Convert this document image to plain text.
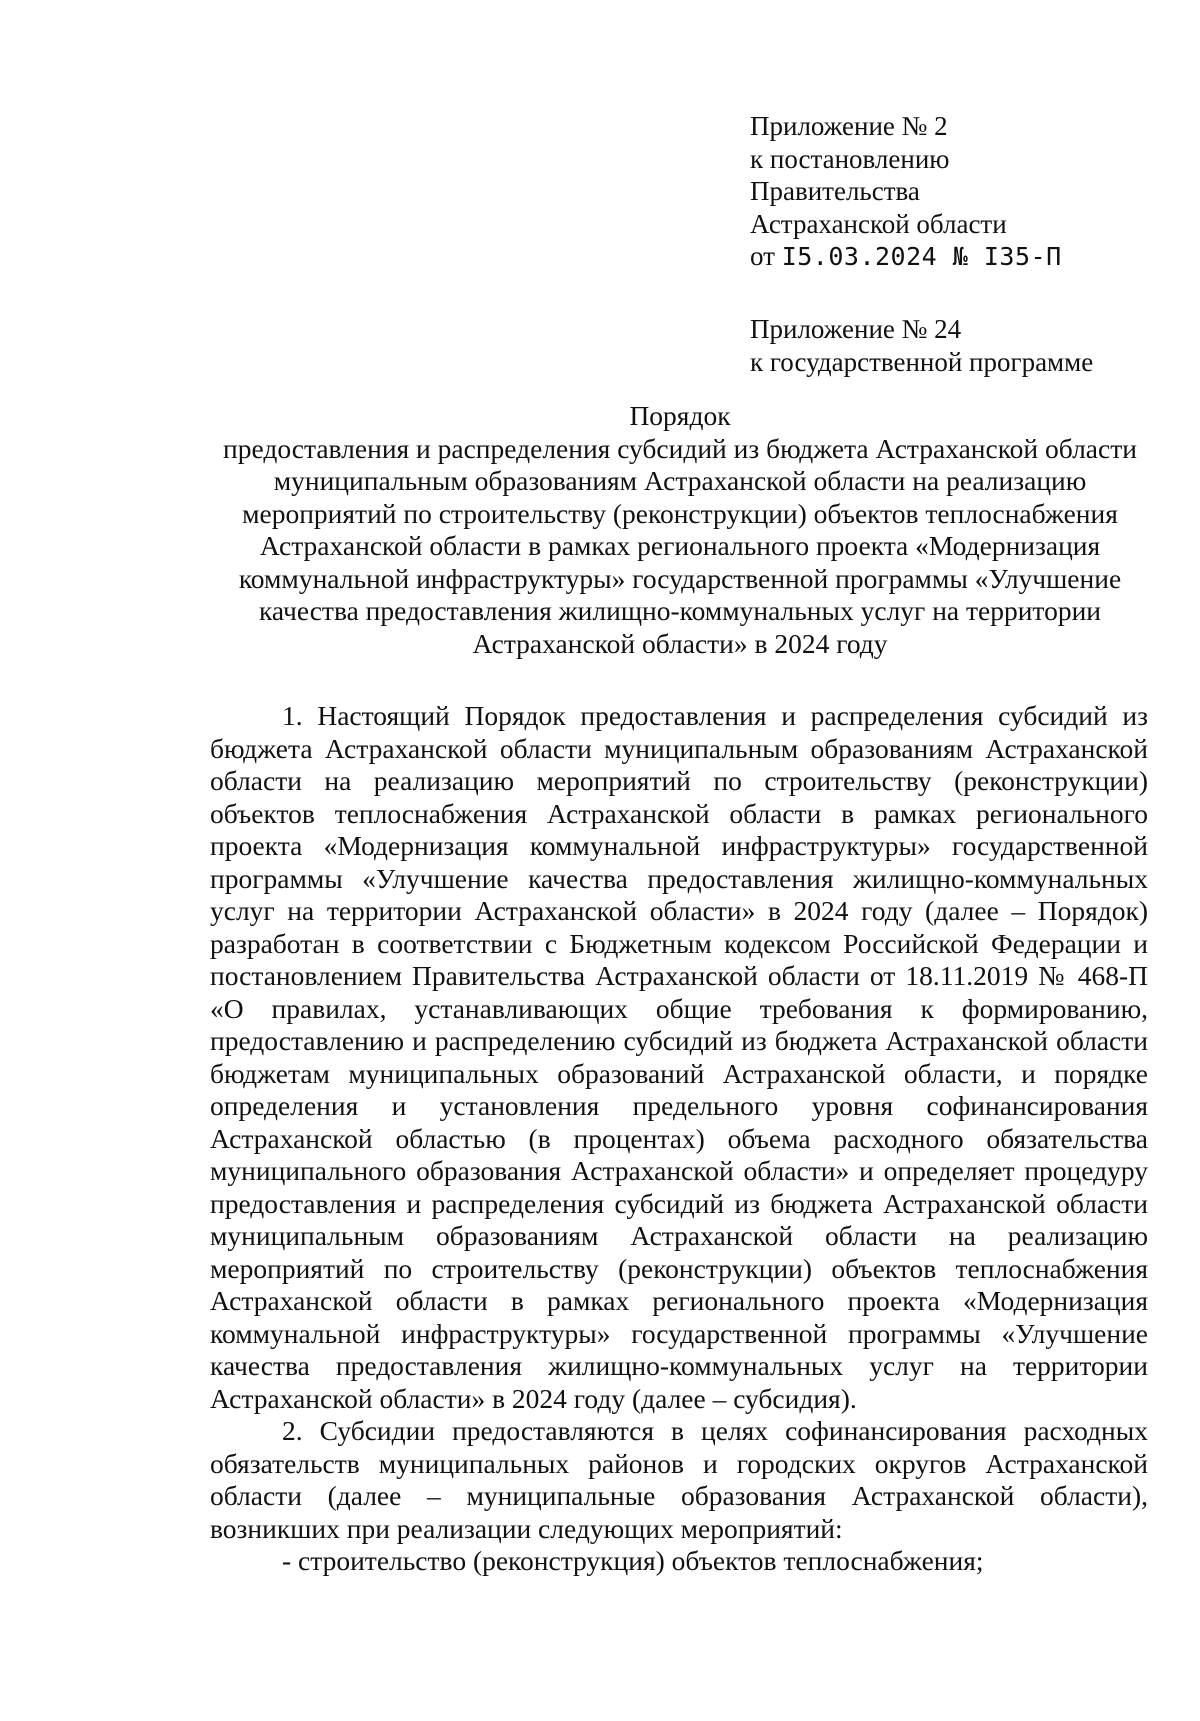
Приложение № 2
к постановлению
Правительства
Астраханской области
от I5.03.2024 № I35-П
Приложение № 24
к государственной программе
Порядок
предоставления и распределения субсидий из бюджета Астраханской области муниципальным образованиям Астраханской области на реализацию мероприятий по строительству (реконструкции) объектов теплоснабжения Астраханской области в рамках регионального проекта «Модернизация коммунальной инфраструктуры» государственной программы «Улучшение качества предоставления жилищно-коммунальных услуг на территории Астраханской области» в 2024 году

1. Настоящий Порядок предоставления и распределения субсидий из бюджета Астраханской области муниципальным образованиям Астраханской области на реализацию мероприятий по строительству (реконструкции) объектов теплоснабжения Астраханской области в рамках регионального проекта «Модернизация коммунальной инфраструктуры» государственной программы «Улучшение качества предоставления жилищно-коммунальных услуг на территории Астраханской области» в 2024 году (далее – Порядок) разработан в соответствии с Бюджетным кодексом Российской Федерации и постановлением Правительства Астраханской области от 18.11.2019 № 468-П «О правилах, устанавливающих общие требования к формированию, предоставлению и распределению субсидий из бюджета Астраханской области бюджетам муниципальных образований Астраханской области, и порядке определения и установления предельного уровня софинансирования Астраханской областью (в процентах) объема расходного обязательства муниципального образования Астраханской области» и определяет процедуру предоставления и распределения субсидий из бюджета Астраханской области муниципальным образованиям Астраханской области на реализацию мероприятий по строительству (реконструкции) объектов теплоснабжения Астраханской области в рамках регионального проекта «Модернизация коммунальной инфраструктуры» государственной программы «Улучшение качества предоставления жилищно-коммунальных услуг на территории Астраханской области» в 2024 году (далее – субсидия).

2. Субсидии предоставляются в целях софинансирования расходных обязательств муниципальных районов и городских округов Астраханской области (далее – муниципальные образования Астраханской области), возникших при реализации следующих мероприятий:

- строительство (реконструкция) объектов теплоснабжения;
